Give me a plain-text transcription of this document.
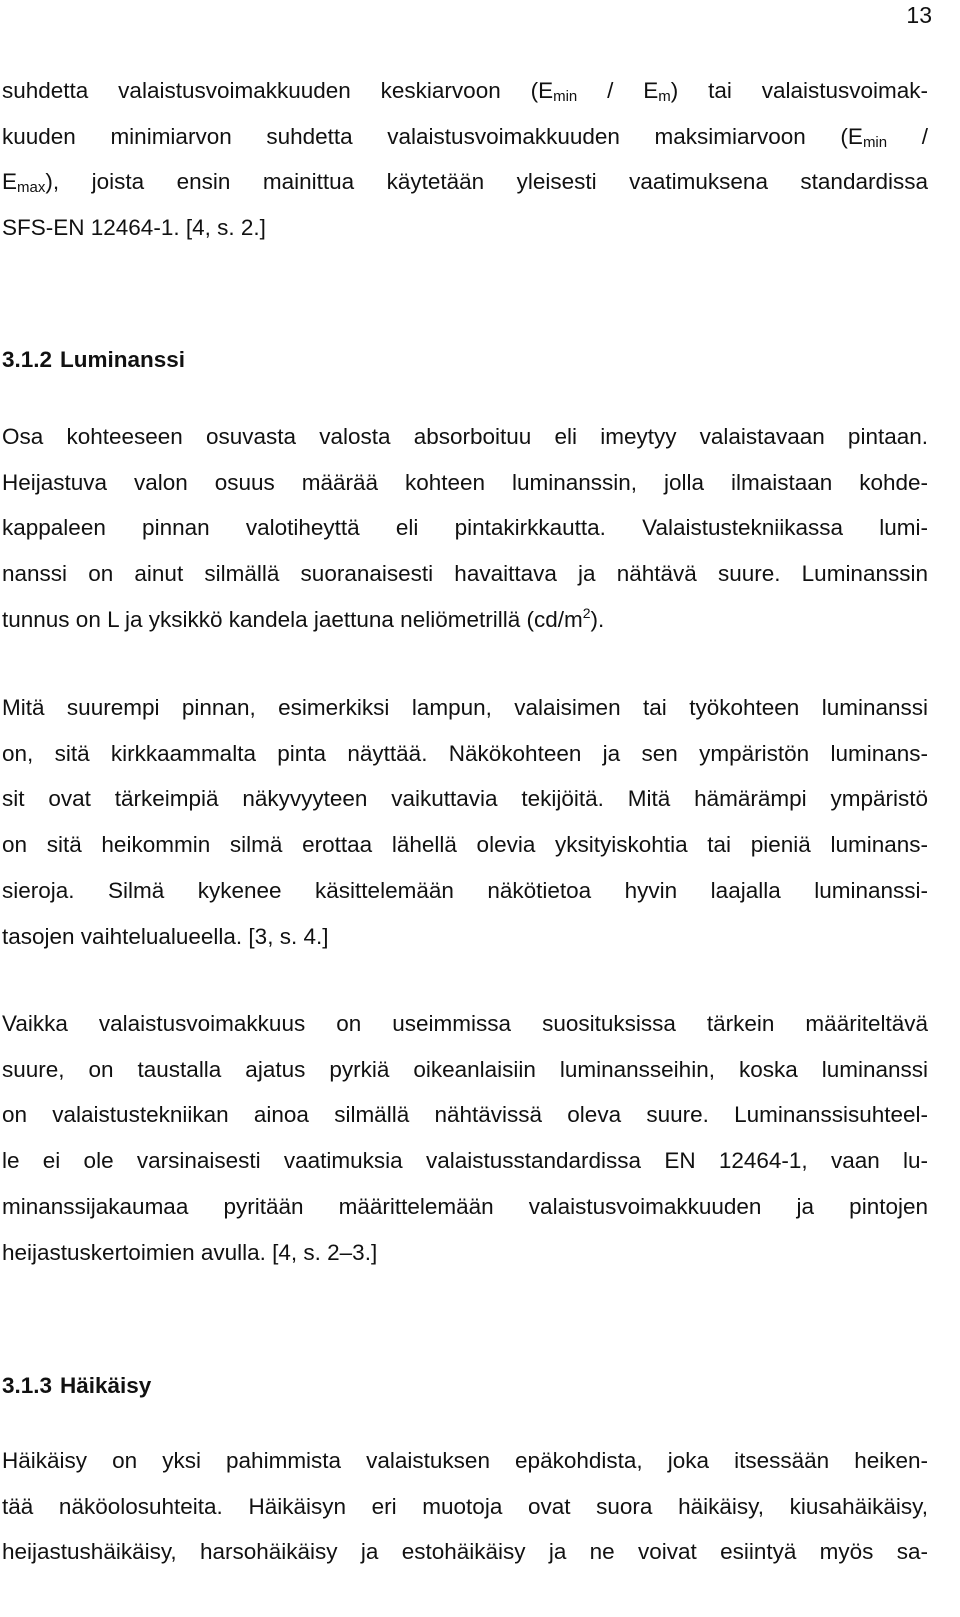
13
suhdetta valaistusvoimakkuuden keskiarvoon $(E_{min} / E_m)$ tai valaistusvoimak-
kuuden minimiarvon suhdetta valaistusvoimakkuuden maksimiarvoon ($E_{min}$ /
$E_{max}$), joista ensin mainittua käytetään yleisesti vaatimuksena standardissa
SFS-EN 12464-1. [4, s. 2.]
3.1.2 Luminanssi
Osa kohteeseen osuvasta valosta absorboituu eli imeytyy valaistavaan pintaan.
Heijastuva valon osuus määrää kohteen luminanssin, jolla ilmaistaan kohde-
kappaleen pinnan valotiheyttä eli pintakirkkautta. Valaistustekniikassa lumi-
nanssi on ainut silmällä suoranaisesti havaittava ja nähtävä suure. Luminanssin
tunnus on L ja yksikkö kandela jaettuna neliömetrillä $(cd/m^2)$.
Mitä suurempi pinnan, esimerkiksi lampun, valaisimen tai työkohteen luminanssi
on, sitä kirkkaammalta pinta näyttää. Näkökohteen ja sen ympäristön luminans-
sit ovat tärkeimpiä näkyvyyteen vaikuttavia tekijöitä. Mitä hämärämpi ympäristö
on sitä heikommin silmä erottaa lähellä olevia yksityiskohtia tai pieniä luminans-
sieroja. Silmä kykenee käsittelemään näkötietoa hyvin laajalla luminanssi-
tasojen vaihtelualueella. [3, s. 4.]
Vaikka valaistusvoimakkuus on useimmissa suosituksissa tärkein määriteltävä
suure, on taustalla ajatus pyrkiä oikeanlaisiin luminansseihin, koska luminanssi
on valaistustekniikan ainoa silmällä nähtävissä oleva suure. Luminanssisuhteel-
le ei ole varsinaisesti vaatimuksia valaistusstandardissa EN 12464-1, vaan lu-
minanssijakaumaa pyritään määrittelemään valaistusvoimakkuuden ja pintojen
heijastuskertoimien avulla. [4, s. 2–3.]
3.1.3 Häikäisy
Häikäisy on yksi pahimmista valaistuksen epäkohdista, joka itsessään heiken-
tää näköolosuhteita. Häikäisyn eri muotoja ovat suora häikäisy, kiusahäikäisy,
heijastushäikäisy, harsohäikäisy ja estohäikäisy ja ne voivat esiintyä myös sa-
